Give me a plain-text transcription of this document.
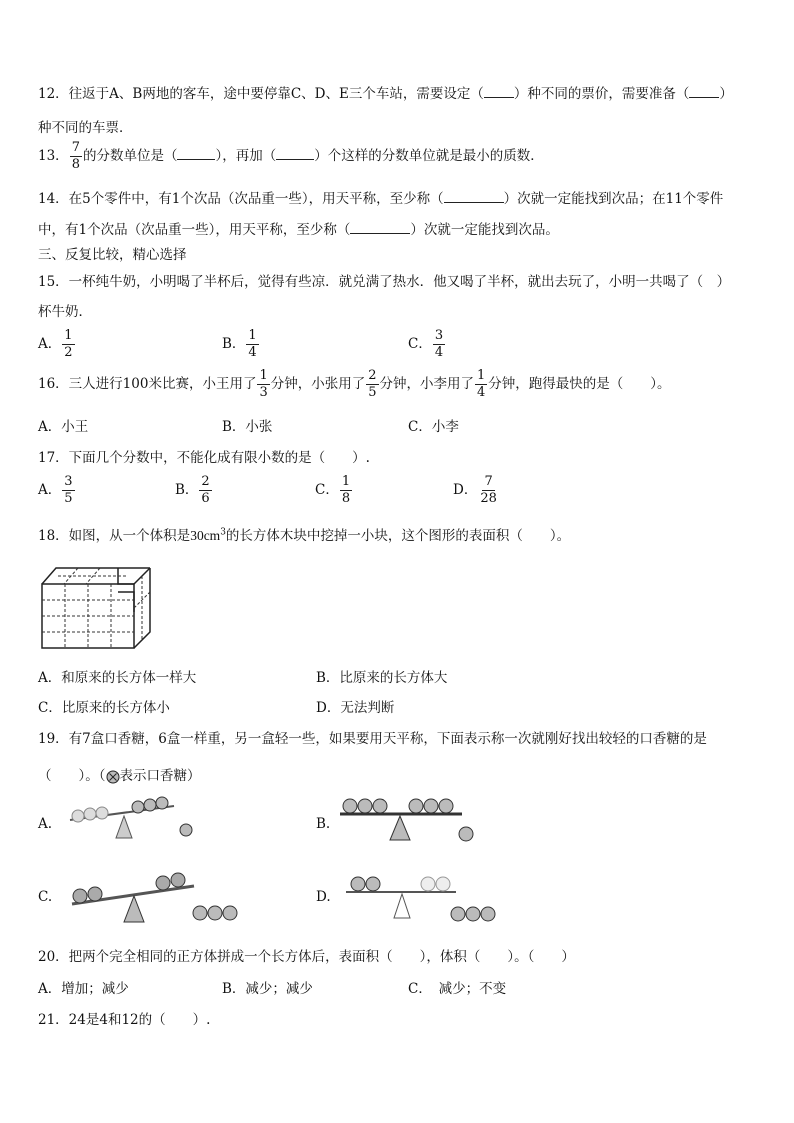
12．往返于A、B两地的客车，途中要停靠C、D、E三个车站，需要设定（ ）种不同的票价，需要准备（ ）
种不同的车票．
13． $\frac{7}{8}$ 的分数单位是（	），再加（	）个这样的分数单位就是最小的质数．
14．在5个零件中，有1个次品（次品重一些），用天平称，至少称（	）次就一定能找到次品；在11个零件
中，有1个次品（次品重一些），用天平称，至少称（	）次就一定能找到次品。
三、反复比较，精心选择
15．一杯纯牛奶，小明喝了半杯后，觉得有些凉．就兑满了热水．他又喝了半杯，就出去玩了，小明一共喝了（　）
杯牛奶．
A． $\frac{1}{2}$	B． $\frac{1}{4}$	C． $\frac{3}{4}$
16．三人进行100米比赛，小王用了 $\frac{1}{3}$ 分钟，小张用了 $\frac{2}{5}$ 分钟，小李用了 $\frac{1}{4}$ 分钟，跑得最快的是（　　）。
A．小王	B．小张	C．小李
17．下面几个分数中，不能化成有限小数的是（　　）.
A． $\frac{3}{5}$	B． $\frac{2}{6}$	C． $\frac{1}{8}$	D． $\frac{7}{28}$
18．如图，从一个体积是$30cm^3$的长方体木块中挖掉一小块，这个图形的表面积（　　）。
A．和原来的长方体一样大	B．比原来的长方体大
C．比原来的长方体小	D．无法判断
19．有7盒口香糖，6盒一样重，另一盒轻一些，如果要用天平称，下面表示称一次就刚好找出较轻的口香糖的是
（　　）。（ 表示口香糖）
A.	B.
C.	D.
20．把两个完全相同的正方体拼成一个长方体后，表面积（　　），体积（　　）。（　　）
A．增加；减少	B．减少；减少	C．　减少；不变
21．24是4和12的（　　）.
